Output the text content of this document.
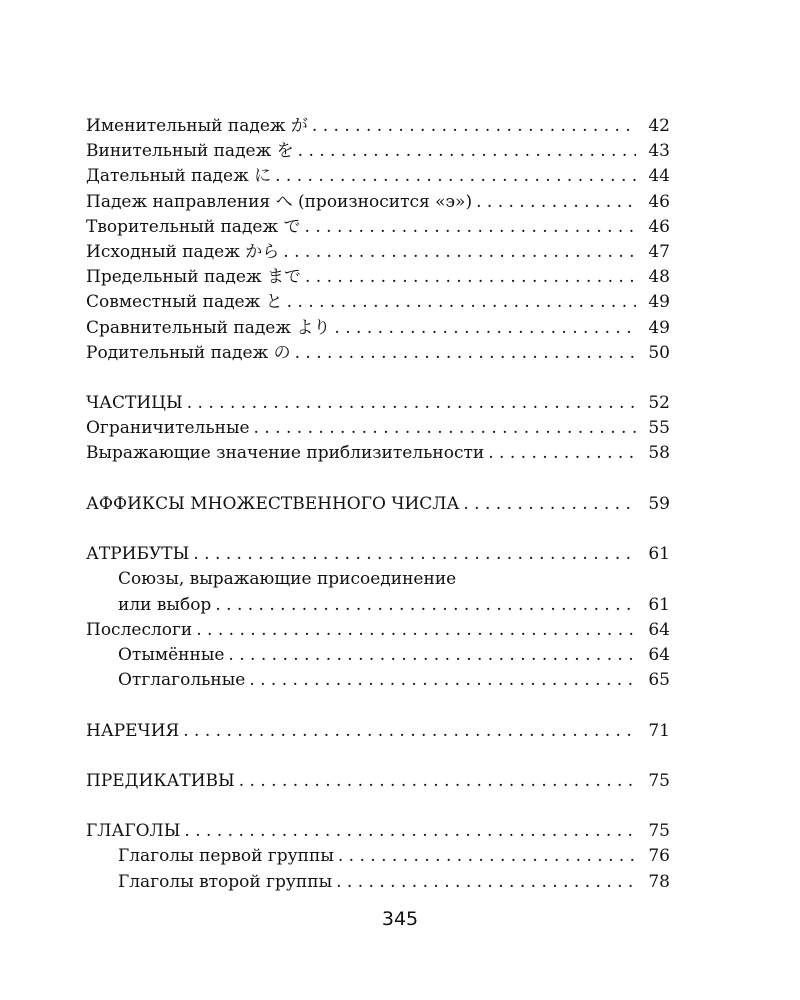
Именительный падеж が . . .	42
Винительный падеж を . . .	43
Дательный падеж に . . .	44
Падеж направления へ (произносится «э») . . .	46
Творительный падеж で . . .	46
Исходный падеж から . . .	47
Предельный падеж まで . . .	48
Совместный падеж と . . .	49
Сравнительный падеж より . . .	49
Родительный падеж の . . .	50
ЧАСТИЦЫ . . .	52
Ограничительные . . .	55
Выражающие значение приблизительности . . .	58
АФФИКСЫ МНОЖЕСТВЕННОГО ЧИСЛА . . .	59
АТРИБУТЫ . . .	61
Союзы, выражающие присоединение
или выбор . . .	61
Послеслоги . . .	64
Отымённые . . .	64
Отглагольные . . .	65
НАРЕЧИЯ . . .	71
ПРЕДИКАТИВЫ . . .	75
ГЛАГОЛЫ . . .	75
Глаголы первой группы . . .	76
Глаголы второй группы . . .	78
345
